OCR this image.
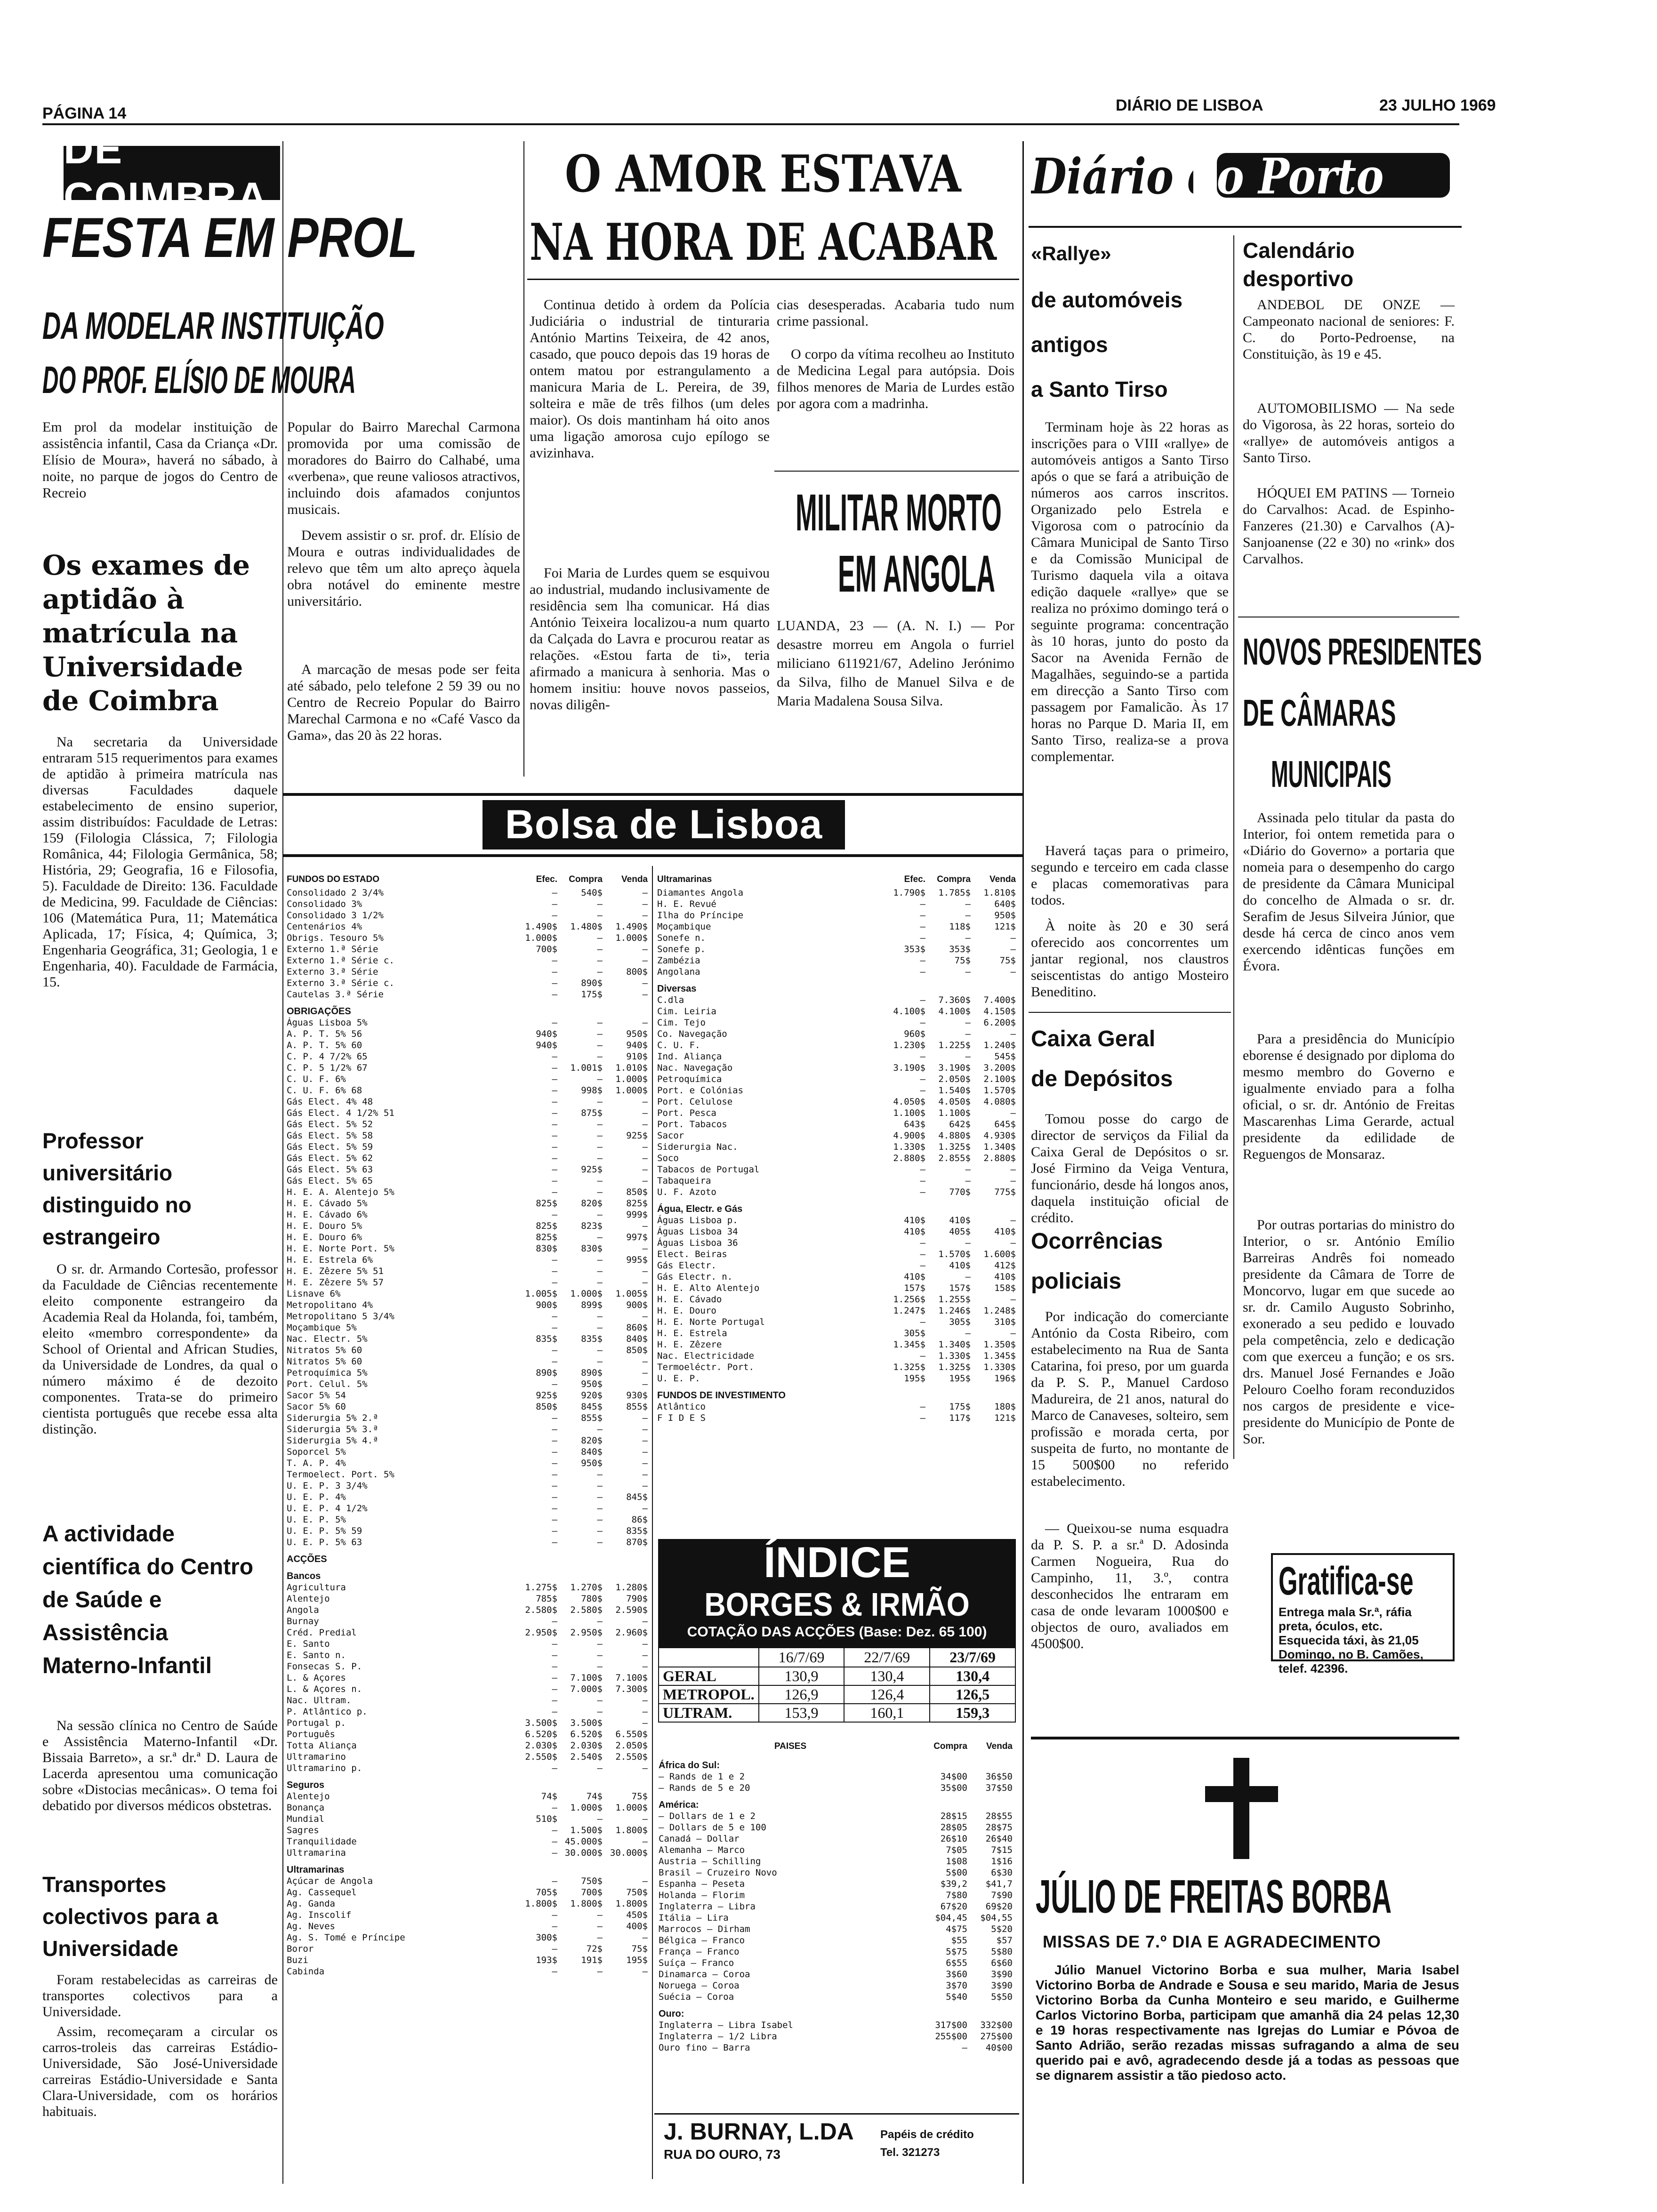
PÁGINA 14	DIÁRIO DE LISBOA	23 JULHO 1969
DE COIMBRA
FESTA EM PROL
DA MODELAR INSTITUIÇÃO
DO PROF. ELÍSIO DE MOURA

Em prol da modelar instituição de assistência infantil, Casa da Criança «Dr. Elísio de Moura», haverá no sábado, à noite, no parque de jogos do Centro de Recreio

Popular do Bairro Marechal Carmona promovida por uma comissão de moradores do Bairro do Calhabé, uma «verbena», que reune valiosos atractivos, incluindo dois afamados conjuntos musicais.

Devem assistir o sr. prof. dr. Elísio de Moura e outras individualidades de relevo que têm um alto apreço àquela obra notável do eminente mestre universitário.

A marcação de mesas pode ser feita até sábado, pelo telefone 2 59 39 ou no Centro de Recreio Popular do Bairro Marechal Carmona e no «Café Vasco da Gama», das 20 às 22 horas.

Os exames de aptidão à matrícula na Universidade de Coimbra

Na secretaria da Universidade entraram 515 requerimentos para exames de aptidão à primeira matrícula nas diversas Faculdades daquele estabelecimento de ensino superior, assim distribuídos: Faculdade de Letras: 159 (Filologia Clássica, 7; Filologia Românica, 44; Filologia Germânica, 58; História, 29; Geografia, 16 e Filosofia, 5). Faculdade de Direito: 136. Faculdade de Medicina, 99. Faculdade de Ciências: 106 (Matemática Pura, 11; Matemática Aplicada, 17; Física, 4; Química, 3; Engenharia Geográfica, 31; Geologia, 1 e Engenharia, 40). Faculdade de Farmácia, 15.

Professor universitário distinguido no estrangeiro

O sr. dr. Armando Cortesão, professor da Faculdade de Ciências recentemente eleito componente estrangeiro da Academia Real da Holanda, foi, também, eleito «membro correspondente» da School of Oriental and African Studies, da Universidade de Londres, da qual o número máximo é de dezoito componentes. Trata-se do primeiro cientista português que recebe essa alta distinção.

A actividade científica do Centro de Saúde e Assistência Materno-Infantil

Na sessão clínica no Centro de Saúde e Assistência Materno-Infantil «Dr. Bissaia Barreto», a sr.ª dr.ª D. Laura de Lacerda apresentou uma comunicação sobre «Distocias mecânicas». O tema foi debatido por diversos médicos obstetras.

Transportes colectivos para a Universidade

Foram restabelecidas as carreiras de transportes colectivos para a Universidade.

Assim, recomeçaram a circular os carros-troleis das carreiras Estádio-Universidade, São José-Universidade carreiras Estádio-Universidade e Santa Clara-Universidade, com os horários habituais.

O AMOR ESTAVA
NA HORA DE ACABAR

Continua detido à ordem da Polícia Judiciária o industrial de tinturaria António Martins Teixeira, de 42 anos, casado, que pouco depois das 19 horas de ontem matou por estrangulamento a manicura Maria de L. Pereira, de 39, solteira e mãe de três filhos (um deles maior). Os dois mantinham há oito anos uma ligação amorosa cujo epílogo se avizinhava.

Foi Maria de Lurdes quem se esquivou ao industrial, mudando inclusivamente de residência sem lha comunicar. Há dias António Teixeira localizou-a num quarto da Calçada do Lavra e procurou reatar as relações. «Estou farta de ti», teria afirmado a manicura à senhoria. Mas o homem insitiu: houve novos passeios, novas diligên-

cias desesperadas. Acabaria tudo num crime passional.

O corpo da vítima recolheu ao Instituto de Medicina Legal para autópsia. Dois filhos menores de Maria de Lurdes estão por agora com a madrinha.

MILITAR MORTO
EM ANGOLA

LUANDA, 23 — (A. N. I.) — Por desastre morreu em Angola o furriel miliciano 611921/67, Adelino Jerónimo da Silva, filho de Manuel Silva e de Maria Madalena Sousa Silva.

Bolsa de Lisboa
FUNDOS DO ESTADO	Efec.	Compra	Venda
Consolidado 2 3/4%	—	540$	—
Consolidado 3%	—	—	—
Consolidado 3 1/2%	—	—	—
Centenários 4%	1.490$	1.480$	1.490$
Obrigs. Tesouro 5%	1.000$	—	1.000$
Externo 1.ª Série	700$	—	—
Externo 1.ª Série c.	—	—	—
Externo 3.ª Série	—	—	800$
Externo 3.ª Série c.	—	890$	—
Cautelas 3.ª Série	—	175$	—
OBRIGAÇÕES			
Águas Lisboa 5%	—	—	—
A. P. T. 5% 56	940$	—	950$
A. P. T. 5% 60	940$	—	940$
C. P. 4 7/2% 65	—	—	910$
C. P. 5 1/2% 67	—	1.001$	1.010$
C. U. F. 6%	—	—	1.000$
C. U. F. 6% 68	—	998$	1.000$
Gás Elect. 4% 48	—	—	—
Gás Elect. 4 1/2% 51	—	875$	—
Gás Elect. 5% 52	—	—	—
Gás Elect. 5% 58	—	—	925$
Gás Elect. 5% 59	—	—	—
Gás Elect. 5% 62	—	—	—
Gás Elect. 5% 63	—	925$	—
Gás Elect. 5% 65	—	—	—
H. E. A. Alentejo 5%	—	—	850$
H. E. Cávado 5%	825$	820$	825$
H. E. Cávado 6%	—	—	999$
H. E. Douro 5%	825$	823$	—
H. E. Douro 6%	825$	—	997$
H. E. Norte Port. 5%	830$	830$	—
H. E. Estrela 6%	—	—	995$
H. E. Zêzere 5% 51	—	—	—
H. E. Zêzere 5% 57	—	—	—
Lisnave 6%	1.005$	1.000$	1.005$
Metropolitano 4%	900$	899$	900$
Metropolitano 5 3/4%	—	—	—
Moçambique 5%	—	—	860$
Nac. Electr. 5%	835$	835$	840$
Nitratos 5% 60	—	—	850$
Nitratos 5% 60	—	—	—
Petroquímica 5%	890$	890$	—
Port. Celul. 5%	—	950$	—
Sacor 5% 54	925$	920$	930$
Sacor 5% 60	850$	845$	855$
Siderurgia 5% 2.ª	—	855$	—
Siderurgia 5% 3.ª	—	—	—
Siderurgia 5% 4.ª	—	820$	—
Soporcel 5%	—	840$	—
T. A. P. 4%	—	950$	—
Termoelect. Port. 5%	—	—	—
U. E. P. 3 3/4%	—	—	—
U. E. P. 4%	—	—	845$
U. E. P. 4 1/2%	—	—	—
U. E. P. 5%	—	—	86$
U. E. P. 5% 59	—	—	835$
U. E. P. 5% 63	—	—	870$
ACÇÕES			
Bancos			
Agricultura	1.275$	1.270$	1.280$
Alentejo	785$	780$	790$
Angola	2.580$	2.580$	2.590$
Burnay	—	—	—
Créd. Predial	2.950$	2.950$	2.960$
E. Santo	—	—	—
E. Santo n.	—	—	—
Fonsecas S. P.	—	—	—
L. & Açores	—	7.100$	7.100$
L. & Açores n.	—	7.000$	7.300$
Nac. Ultram.	—	—	—
P. Atlântico p.	—	—	—
Portugal p.	3.500$	3.500$	—
Português	6.520$	6.520$	6.550$
Totta Aliança	2.030$	2.030$	2.050$
Ultramarino	2.550$	2.540$	2.550$
Ultramarino p.	—	—	—
Seguros			
Alentejo	74$	74$	75$
Bonança	—	1.000$	1.000$
Mundial	510$	—	—
Sagres	—	1.500$	1.800$
Tranquilidade	—	45.000$	—
Ultramarina	—	30.000$	30.000$
Ultramarinas			
Açúcar de Angola	—	750$	—
Ag. Cassequel	705$	700$	750$
Ag. Ganda	1.800$	1.800$	1.800$
Ag. Inscolif	—	—	450$
Ag. Neves	—	—	400$
Ag. S. Tomé e Príncipe	300$	—	—
Boror	—	72$	75$
Buzi	193$	191$	195$
Cabinda	—	—	—
Ultramarinas	Efec.	Compra	Venda
Diamantes Angola	1.790$	1.785$	1.810$
H. E. Revué	—	—	640$
Ilha do Príncipe	—	—	950$
Moçambique	—	118$	121$
Sonefe n.	—	—	—
Sonefe p.	353$	353$	—
Zambézia	—	75$	75$
Angolana	—	—	—
Diversas			
C.dla	—	7.360$	7.400$
Cim. Leiria	4.100$	4.100$	4.150$
Cim. Tejo	—	—	6.200$
Co. Navegação	960$	—	—
C. U. F.	1.230$	1.225$	1.240$
Ind. Aliança	—	—	545$
Nac. Navegação	3.190$	3.190$	3.200$
Petroquímica	—	2.050$	2.100$
Port. e Colónias	—	1.540$	1.570$
Port. Celulose	4.050$	4.050$	4.080$
Port. Pesca	1.100$	1.100$	—
Port. Tabacos	643$	642$	645$
Sacor	4.900$	4.880$	4.930$
Siderurgia Nac.	1.330$	1.325$	1.340$
Soco	2.880$	2.855$	2.880$
Tabacos de Portugal	—	—	—
Tabaqueira	—	—	—
U. F. Azoto	—	770$	775$
Água, Electr. e Gás			
Águas Lisboa p.	410$	410$	—
Águas Lisboa 34	410$	405$	410$
Águas Lisboa 36	—	—	—
Elect. Beiras	—	1.570$	1.600$
Gás Electr.	—	410$	412$
Gás Electr. n.	410$	—	410$
H. E. Alto Alentejo	157$	157$	158$
H. E. Cávado	1.256$	1.255$	—
H. E. Douro	1.247$	1.246$	1.248$
H. E. Norte Portugal	—	305$	310$
H. E. Estrela	305$	—	—
H. E. Zêzere	1.345$	1.340$	1.350$
Nac. Electricidade	—	1.330$	1.345$
Termoeléctr. Port.	1.325$	1.325$	1.330$
U. E. P.	195$	195$	196$
FUNDOS DE INVESTIMENTO			
Atlântico	—	175$	180$
F I D E S	—	117$	121$
ÍNDICE
BORGES & IRMÃO
COTAÇÃO DAS ACÇÕES (Base: Dez. 65 100)
	16/7/69	22/7/69	23/7/69
GERAL	130,9	130,4	130,4
METROPOL.	126,9	126,4	126,5
ULTRAM.	153,9	160,1	159,3
PAISES	Compra	Venda
África do Sul:		
— Rands de 1 e 2	34$00	36$50
— Rands de 5 e 20	35$00	37$50
América:		
— Dollars de 1 e 2	28$15	28$55
— Dollars de 5 e 100	28$05	28$75
Canadá — Dollar	26$10	26$40
Alemanha — Marco	7$05	7$15
Austria — Schilling	1$08	1$16
Brasil — Cruzeiro Novo	5$00	6$30
Espanha — Peseta	$39,2	$41,7
Holanda — Florim	7$80	7$90
Inglaterra — Libra	67$20	69$20
Itália — Lira	$04,45	$04,55
Marrocos — Dirham	4$75	5$20
Bélgica — Franco	$55	$57
França — Franco	5$75	5$80
Suíça — Franco	6$55	6$60
Dinamarca — Coroa	3$60	3$90
Noruega — Coroa	3$70	3$90
Suécia — Coroa	5$40	5$50
Ouro:		
Inglaterra — Libra Isabel	317$00	332$00
Inglaterra — 1/2 Libra	255$00	275$00
Ouro fino — Barra	—	40$00
J. BURNAY, L.DA
RUA DO OURO, 73
Papéis de crédito
Tel. 321273
Diário do Porto
«Rallye»
de automóveis
antigos
a Santo Tirso

Terminam hoje às 22 horas as inscrições para o VIII «rallye» de automóveis antigos a Santo Tirso após o que se fará a atribuição de números aos carros inscritos. Organizado pelo Estrela e Vigorosa com o patrocínio da Câmara Municipal de Santo Tirso e da Comissão Municipal de Turismo daquela vila a oitava edição daquele «rallye» que se realiza no próximo domingo terá o seguinte programa: concentração às 10 horas, junto do posto da Sacor na Avenida Fernão de Magalhães, seguindo-se a partida em direcção a Santo Tirso com passagem por Famalicão. Às 17 horas no Parque D. Maria II, em Santo Tirso, realiza-se a prova complementar.

Haverá taças para o primeiro, segundo e terceiro em cada classe e placas comemorativas para todos.

À noite às 20 e 30 será oferecido aos concorrentes um jantar regional, nos claustros seiscentistas do antigo Mosteiro Beneditino.

Caixa Geral
de Depósitos

Tomou posse do cargo de director de serviços da Filial da Caixa Geral de Depósitos o sr. José Firmino da Veiga Ventura, funcionário, desde há longos anos, daquela instituição oficial de crédito.

Ocorrências
policiais

Por indicação do comerciante António da Costa Ribeiro, com estabelecimento na Rua de Santa Catarina, foi preso, por um guarda da P. S. P., Manuel Cardoso Madureira, de 21 anos, natural do Marco de Canaveses, solteiro, sem profissão e morada certa, por suspeita de furto, no montante de 15 500$00 no referido estabelecimento.

— Queixou-se numa esquadra da P. S. P. a sr.ª D. Adosinda Carmen Nogueira, Rua do Campinho, 11, 3.º, contra desconhecidos lhe entraram em casa de onde levaram 1000$00 e objectos de ouro, avaliados em 4500$00.

Calendário
desportivo

ANDEBOL DE ONZE — Campeonato nacional de seniores: F. C. do Porto-Pedroense, na Constituição, às 19 e 45.

AUTOMOBILISMO — Na sede do Vigorosa, às 22 horas, sorteio do «rallye» de automóveis antigos a Santo Tirso.

HÓQUEI EM PATINS — Torneio do Carvalhos: Acad. de Espinho-Fanzeres (21.30) e Carvalhos (A)-Sanjoanense (22 e 30) no «rink» dos Carvalhos.

NOVOS PRESIDENTES
DE CÂMARAS
MUNICIPAIS

Assinada pelo titular da pasta do Interior, foi ontem remetida para o «Diário do Governo» a portaria que nomeia para o desempenho do cargo de presidente da Câmara Municipal do concelho de Almada o sr. dr. Serafim de Jesus Silveira Júnior, que desde há cerca de cinco anos vem exercendo idênticas funções em Évora.

Para a presidência do Município eborense é designado por diploma do mesmo membro do Governo e igualmente enviado para a folha oficial, o sr. dr. António de Freitas Mascarenhas Lima Gerarde, actual presidente da edilidade de Reguengos de Monsaraz.

Por outras portarias do ministro do Interior, o sr. António Emílio Barreiras Andrês foi nomeado presidente da Câmara de Torre de Moncorvo, lugar em que sucede ao sr. dr. Camilo Augusto Sobrinho, exonerado a seu pedido e louvado pela competência, zelo e dedicação com que exerceu a função; e os srs. drs. Manuel José Fernandes e João Pelouro Coelho foram reconduzidos nos cargos de presidente e vice-presidente do Município de Ponte de Sor.

Gratifica-se
Entrega mala Sr.ª, ráfia preta, óculos, etc. Esquecida táxi, às 21,05 Domingo, no B. Camões, telef. 42396.
JÚLIO DE FREITAS BORBA
MISSAS DE 7.º DIA E AGRADECIMENTO

Júlio Manuel Victorino Borba e sua mulher, Maria Isabel Victorino Borba de Andrade e Sousa e seu marido, Maria de Jesus Victorino Borba da Cunha Monteiro e seu marido, e Guilherme Carlos Victorino Borba, participam que amanhã dia 24 pelas 12,30 e 19 horas respectivamente nas Igrejas do Lumiar e Póvoa de Santo Adrião, serão rezadas missas sufragando a alma de seu querido pai e avô, agradecendo desde já a todas as pessoas que se dignarem assistir a tão piedoso acto.
